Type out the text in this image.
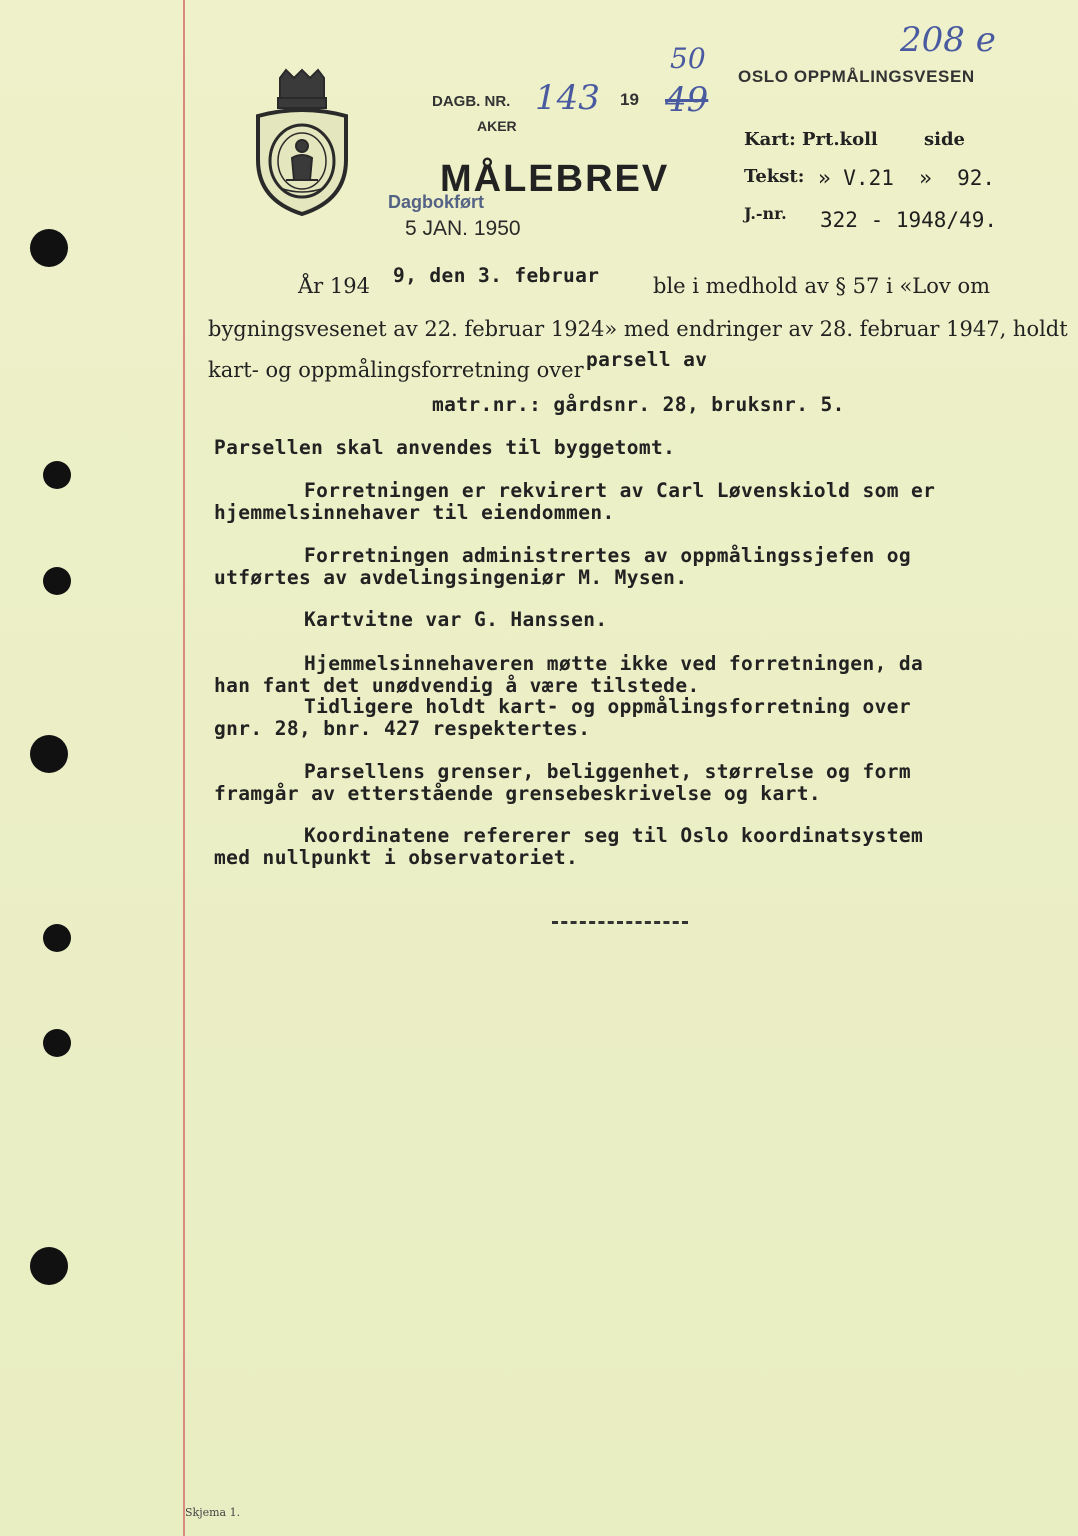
208 e
DAGB. NR. 143 19
50
49
AKER
MÅLEBREV
Dagbokført
5 JAN. 1950
OSLO OPPMÅLINGSVESEN
Kart: Prt.koll	side
Tekst: » V.21  »  92.
J.-nr. 322 - 1948/49.
År 194 9, den 3. februar	ble i medhold av § 57 i «Lov om
bygningsvesenet av 22. februar 1924» med endringer av 28. februar 1947, holdt
kart- og oppmålingsforretning over parsell av
matr.nr.: gårdsnr. 28, bruksnr. 5.
Parsellen skal anvendes til byggetomt.
Forretningen er rekvirert av Carl Løvenskiold som er
hjemmelsinnehaver til eiendommen.
Forretningen administrertes av oppmålingssjefen og
utførtes av avdelingsingeniør M. Mysen.
Kartvitne var G. Hanssen.
Hjemmelsinnehaveren møtte ikke ved forretningen, da
han fant det unødvendig å være tilstede.
Tidligere holdt kart- og oppmålingsforretning over
gnr. 28, bnr. 427 respektertes.
Parsellens grenser, beliggenhet, størrelse og form
framgår av etterstående grensebeskrivelse og kart.
Koordinatene refererer seg til Oslo koordinatsystem
med nullpunkt i observatoriet.
Skjema 1.
